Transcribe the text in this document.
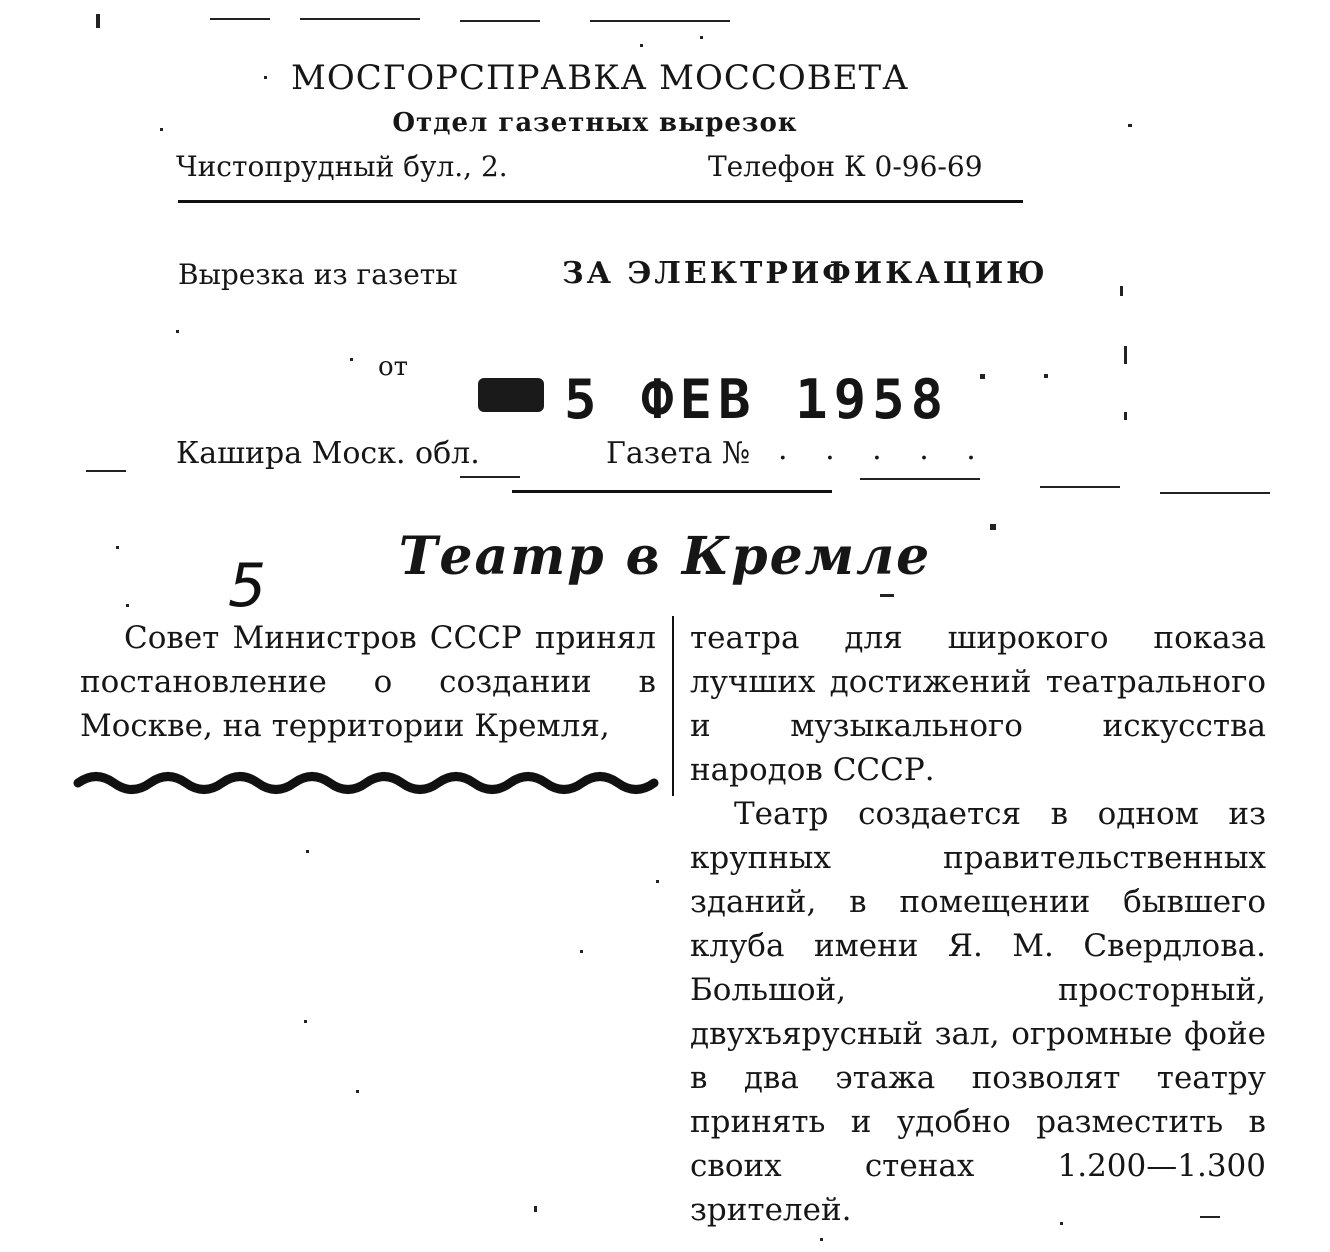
МОСГОРСПРАВКА МОССОВЕТА
Отдел газетных вырезок
Чистопрудный бул., 2.	Телефон К 0-96-69
Вырезка из газеты	ЗА ЭЛЕКТРИФИКАЦИЮ
от
5 ФЕВ 1958
Кашира Моск. обл.	Газета № . . . . .
5	Театр в Кремле

Совет Министров СССР принял постановление о создании в Москве, на территории Кремля,

театра для широкого показа лучших достижений театрального и музыкального искусства народов СССР.

Театр создается в одном из крупных правительственных зданий, в помещении бывшего клуба имени Я. М. Свердлова. Большой, просторный, двухъярусный зал, огромные фойе в два этажа позволят театру принять и удобно разместить в своих стенах 1.200—1.300 зрителей.
